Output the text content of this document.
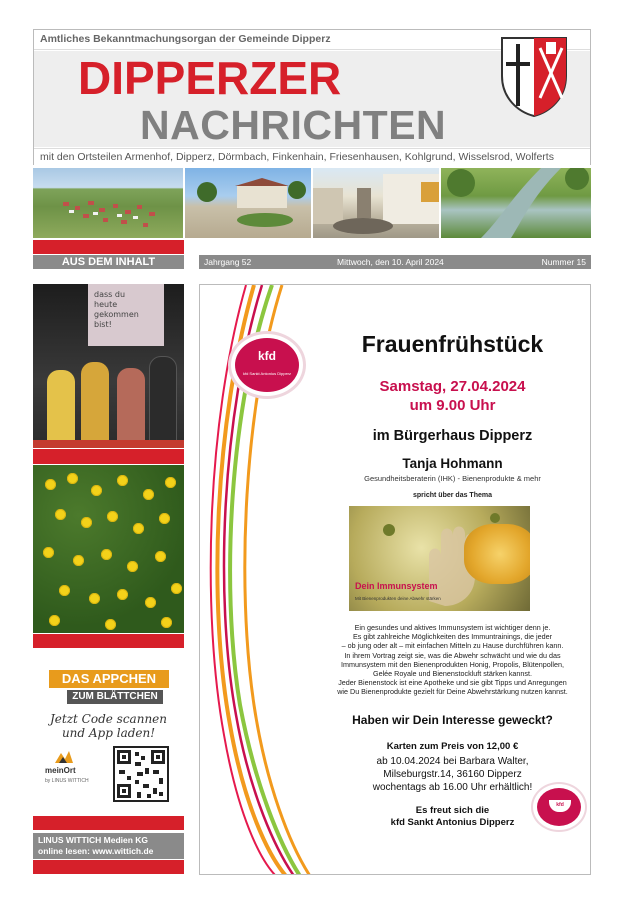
Amtliches Bekanntmachungsorgan der Gemeinde Dipperz
DIPPERZER
NACHRICHTEN
mit den Ortsteilen Armenhof, Dipperz, Dörmbach, Finkenhain, Friesenhausen, Kohlgrund, Wisselsrod, Wolferts
AUS DEM INHALT	Jahrgang 52	Mittwoch, den 10. April 2024	Nummer 15
dass du heute gekommen bist!
DAS APPCHEN
ZUM BLÄTTCHEN
Jetzt Code scannen und App laden!
meinOrt
by LINUS WITTICH
LINUS WITTICH Medien KG
online lesen: www.wittich.de
kfd
kfd Sankt Antonius Dipperz
Frauenfrühstück
Samstag, 27.04.2024
um 9.00 Uhr
im Bürgerhaus Dipperz
Tanja Hohmann
Gesundheitsberaterin (IHK) - Bienenprodukte & mehr
spricht über das Thema
Dein Immunsystem
Mit Bienenprodukten deine Abwehr stärken
Ein gesundes und aktives Immunsystem ist wichtiger denn je.
Es gibt zahlreiche Möglichkeiten des Immuntrainings, die jeder
– ob jung oder alt – mit einfachen Mitteln zu Hause durchführen kann.
In ihrem Vortrag zeigt sie, was die Abwehr schwächt und wie du das
Immunsystem mit den Bienenprodukten Honig, Propolis, Blütenpollen,
Gelée Royale und Bienenstockluft stärken kannst.
Jeder Bienenstock ist eine Apotheke und sie gibt Tipps und Anregungen
wie Du Bienenprodukte gezielt für Deine Abwehrstärkung nutzen kannst.
Haben wir Dein Interesse geweckt?
Karten zum Preis von 12,00 €
ab 10.04.2024 bei Barbara Walter,
Milseburgstr.14, 36160 Dipperz
wochentags ab 16.00 Uhr erhältlich!
Es freut sich die
kfd Sankt Antonius Dipperz
kfd
